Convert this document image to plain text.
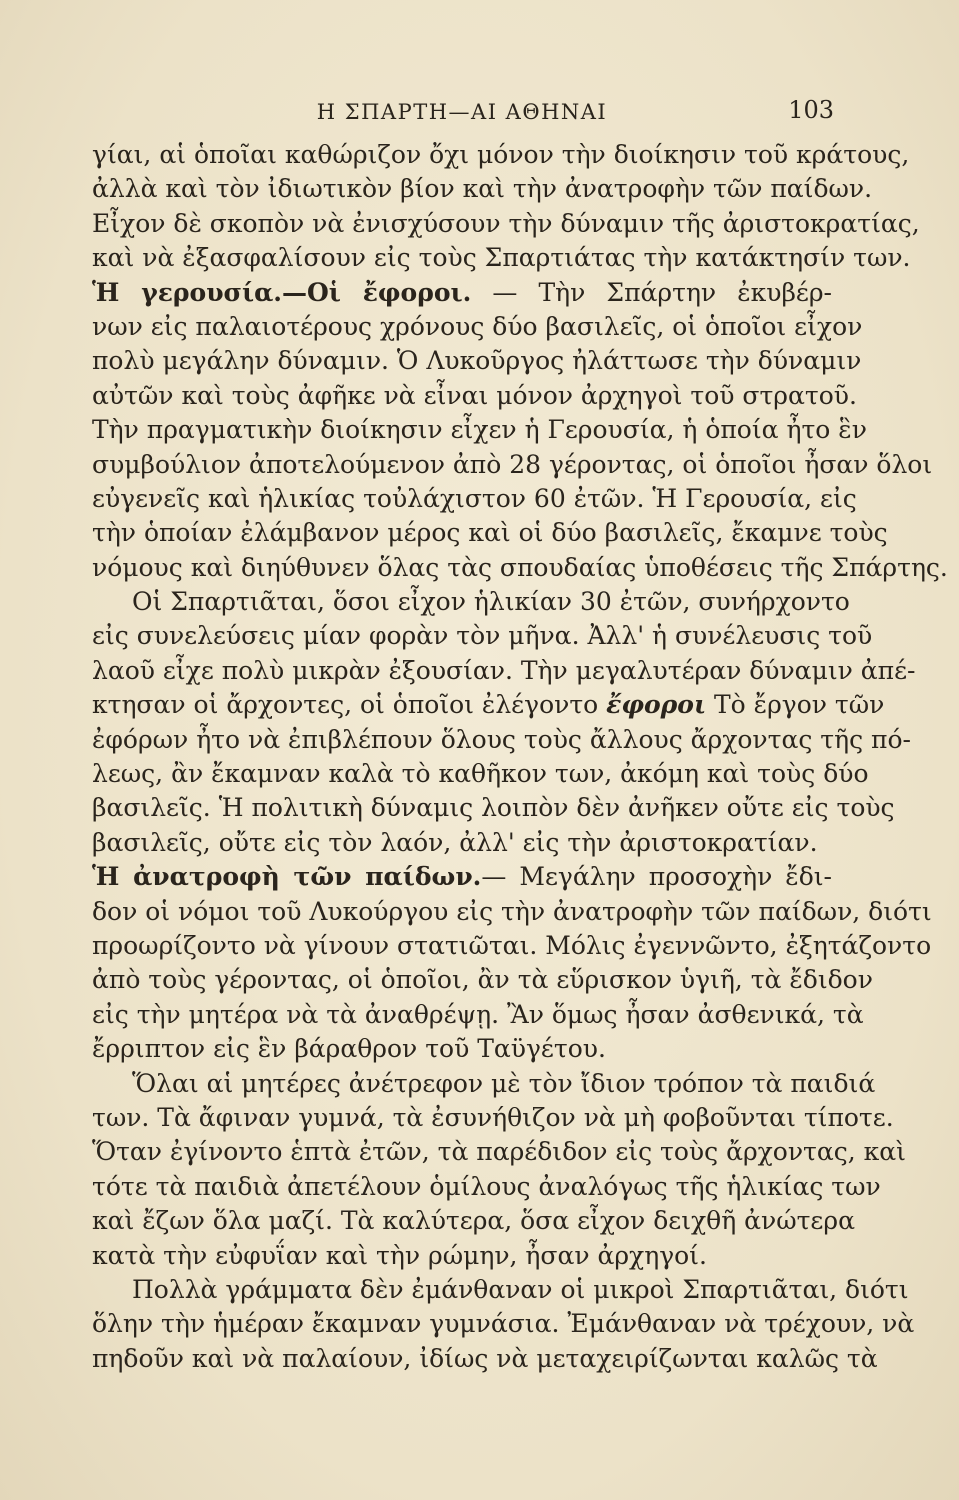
Η ΣΠΑΡΤΗ—ΑΙ ΑΘΗΝΑΙ	103
γίαι, αἱ ὁποῖαι καθώριζον ὄχι μόνον τὴν διοίκησιν τοῦ κράτους,
ἀλλὰ καὶ τὸν ἰδιωτικὸν βίον καὶ τὴν ἀνατροφὴν τῶν παίδων.
Εἶχον δὲ σκοπὸν νὰ ἐνισχύσουν τὴν δύναμιν τῆς ἀριστοκρατίας,
καὶ νὰ ἐξασφαλίσουν εἰς τοὺς Σπαρτιάτας τὴν κατάκτησίν των.
Ἡ γερουσία.—Οἱ ἔφοροι. — Τὴν Σπάρτην ἐκυβέρ-
νων εἰς παλαιοτέρους χρόνους δύο βασιλεῖς, οἱ ὁποῖοι εἶχον
πολὺ μεγάλην δύναμιν. Ὁ Λυκοῦργος ἠλάττωσε τὴν δύναμιν
αὐτῶν καὶ τοὺς ἀφῆκε νὰ εἶναι μόνον ἀρχηγοὶ τοῦ στρατοῦ.
Τὴν πραγματικὴν διοίκησιν εἶχεν ἡ Γερουσία, ἡ ὁποία ἦτο ἓν
συμβούλιον ἀποτελούμενον ἀπὸ 28 γέροντας, οἱ ὁποῖοι ἦσαν ὅλοι
εὐγενεῖς καὶ ἡλικίας τοὐλάχιστον 60 ἐτῶν. Ἡ Γερουσία, εἰς
τὴν ὁποίαν ἐλάμβανον μέρος καὶ οἱ δύο βασιλεῖς, ἔκαμνε τοὺς
νόμους καὶ διηύθυνεν ὅλας τὰς σπουδαίας ὑποθέσεις τῆς Σπάρτης.
Οἱ Σπαρτιᾶται, ὅσοι εἶχον ἡλικίαν 30 ἐτῶν, συνήρχοντο
εἰς συνελεύσεις μίαν φορὰν τὸν μῆνα. Ἀλλ' ἡ συνέλευσις τοῦ
λαοῦ εἶχε πολὺ μικρὰν ἐξουσίαν. Τὴν μεγαλυτέραν δύναμιν ἀπέ-
κτησαν οἱ ἄρχοντες, οἱ ὁποῖοι ἐλέγοντο ἔφοροι Τὸ ἔργον τῶν
ἐφόρων ἦτο νὰ ἐπιβλέπουν ὅλους τοὺς ἄλλους ἄρχοντας τῆς πό-
λεως, ἂν ἔκαμναν καλὰ τὸ καθῆκον των, ἀκόμη καὶ τοὺς δύο
βασιλεῖς. Ἡ πολιτικὴ δύναμις λοιπὸν δὲν ἀνῆκεν οὔτε εἰς τοὺς
βασιλεῖς, οὔτε εἰς τὸν λαόν, ἀλλ' εἰς τὴν ἀριστοκρατίαν.
Ἡ ἀνατροφὴ τῶν παίδων.— Μεγάλην προσοχὴν ἔδι-
δον οἱ νόμοι τοῦ Λυκούργου εἰς τὴν ἀνατροφὴν τῶν παίδων, διότι
προωρίζοντο νὰ γίνουν στατιῶται. Μόλις ἐγεννῶντο, ἐξητάζοντο
ἀπὸ τοὺς γέροντας, οἱ ὁποῖοι, ἂν τὰ εὕρισκον ὑγιῆ, τὰ ἔδιδον
εἰς τὴν μητέρα νὰ τὰ ἀναθρέψῃ. Ἂν ὅμως ἦσαν ἀσθενικά, τὰ
ἔρριπτον εἰς ἓν βάραθρον τοῦ Ταϋγέτου.
Ὅλαι αἱ μητέρες ἀνέτρεφον μὲ τὸν ἴδιον τρόπον τὰ παιδιά
των. Τὰ ἄφιναν γυμνά, τὰ ἐσυνήθιζον νὰ μὴ φοβοῦνται τίποτε.
Ὅταν ἐγίνοντο ἑπτὰ ἐτῶν, τὰ παρέδιδον εἰς τοὺς ἄρχοντας, καὶ
τότε τὰ παιδιὰ ἀπετέλουν ὁμίλους ἀναλόγως τῆς ἡλικίας των
καὶ ἔζων ὅλα μαζί. Τὰ καλύτερα, ὅσα εἶχον δειχθῆ ἀνώτερα
κατὰ τὴν εὐφυΐαν καὶ τὴν ρώμην, ἦσαν ἀρχηγοί.
Πολλὰ γράμματα δὲν ἐμάνθαναν οἱ μικροὶ Σπαρτιᾶται, διότι
ὅλην τὴν ἡμέραν ἔκαμναν γυμνάσια. Ἐμάνθαναν νὰ τρέχουν, νὰ
πηδοῦν καὶ νὰ παλαίουν, ἰδίως νὰ μεταχειρίζωνται καλῶς τὰ
